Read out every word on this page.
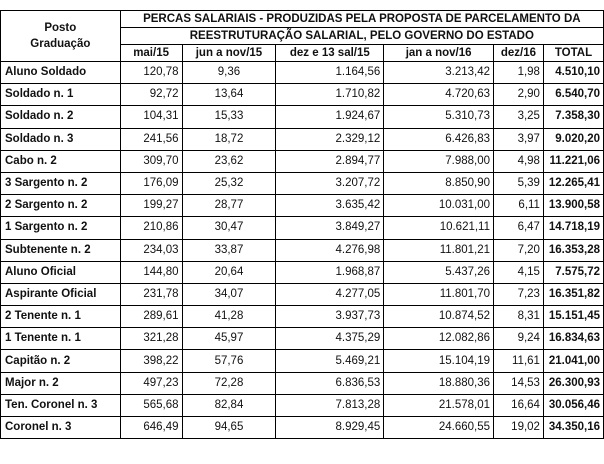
Posto
Graduação	PERCAS SALARIAIS - PRODUZIDAS PELA PROPOSTA DE PARCELAMENTO DA					
	REESTRUTURAÇÃO SALARIAL, PELO GOVERNO DO ESTADO					
	mai/15	jun a nov/15	dez e 13 sal/15	jan a nov/16	dez/16	TOTAL
Aluno Soldado	120,78	9,36	1.164,56	3.213,42	1,98	4.510,10
Soldado n. 1	92,72	13,64	1.710,82	4.720,63	2,90	6.540,70
Soldado n. 2	104,31	15,33	1.924,67	5.310,73	3,25	7.358,30
Soldado n. 3	241,56	18,72	2.329,12	6.426,83	3,97	9.020,20
Cabo n. 2	309,70	23,62	2.894,77	7.988,00	4,98	11.221,06
3 Sargento n. 2	176,09	25,32	3.207,72	8.850,90	5,39	12.265,41
2 Sargento n. 2	199,27	28,77	3.635,42	10.031,00	6,11	13.900,58
1 Sargento n. 2	210,86	30,47	3.849,27	10.621,11	6,47	14.718,19
Subtenente n. 2	234,03	33,87	4.276,98	11.801,21	7,20	16.353,28
Aluno Oficial	144,80	20,64	1.968,87	5.437,26	4,15	7.575,72
Aspirante Oficial	231,78	34,07	4.277,05	11.801,70	7,23	16.351,82
2 Tenente n. 1	289,61	41,28	3.937,73	10.874,52	8,31	15.151,45
1 Tenente n. 1	321,28	45,97	4.375,29	12.082,86	9,24	16.834,63
Capitão n. 2	398,22	57,76	5.469,21	15.104,19	11,61	21.041,00
Major n. 2	497,23	72,28	6.836,53	18.880,36	14,53	26.300,93
Ten. Coronel n. 3	565,68	82,84	7.813,28	21.578,01	16,64	30.056,46
Coronel n. 3	646,49	94,65	8.929,45	24.660,55	19,02	34.350,16
